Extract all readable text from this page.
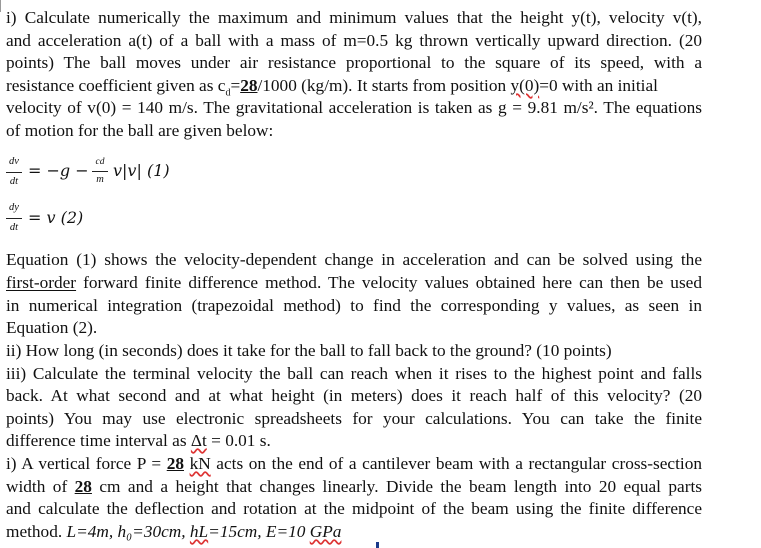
i) Calculate numerically the maximum and minimum values that the height y(t), velocity v(t),
and acceleration a(t) of a ball with a mass of m=0.5 kg thrown vertically upward direction. (20
points) The ball moves under air resistance proportional to the square of its speed, with a
resistance coefficient given as $c_d=28/1000$ (kg/m). It starts from position y(0)=0 with an initial
velocity of v(0) = 140 m/s. The gravitational acceleration is taken as g = 9.81 m/s². The equations
of motion for the ball are given below:
dv
dt
= −g − cd
m v|v| (1)
dy
dt
= v (2)
Equation (1) shows the velocity-dependent change in acceleration and can be solved using the
first-order forward finite difference method. The velocity values obtained here can then be used
in numerical integration (trapezoidal method) to find the corresponding y values, as seen in
Equation (2).
ii) How long (in seconds) does it take for the ball to fall back to the ground? (10 points)
iii) Calculate the terminal velocity the ball can reach when it rises to the highest point and falls
back. At what second and at what height (in meters) does it reach half of this velocity? (20
points) You may use electronic spreadsheets for your calculations. You can take the finite
difference time interval as Δt = 0.01 s.
i) A vertical force P = 28 kN acts on the end of a cantilever beam with a rectangular cross-section
width of 28 cm and a height that changes linearly. Divide the beam length into 20 equal parts
and calculate the deflection and rotation at the midpoint of the beam using the finite difference
method. L=4m, h₀=30cm, hL=15cm, E=10 GPa
